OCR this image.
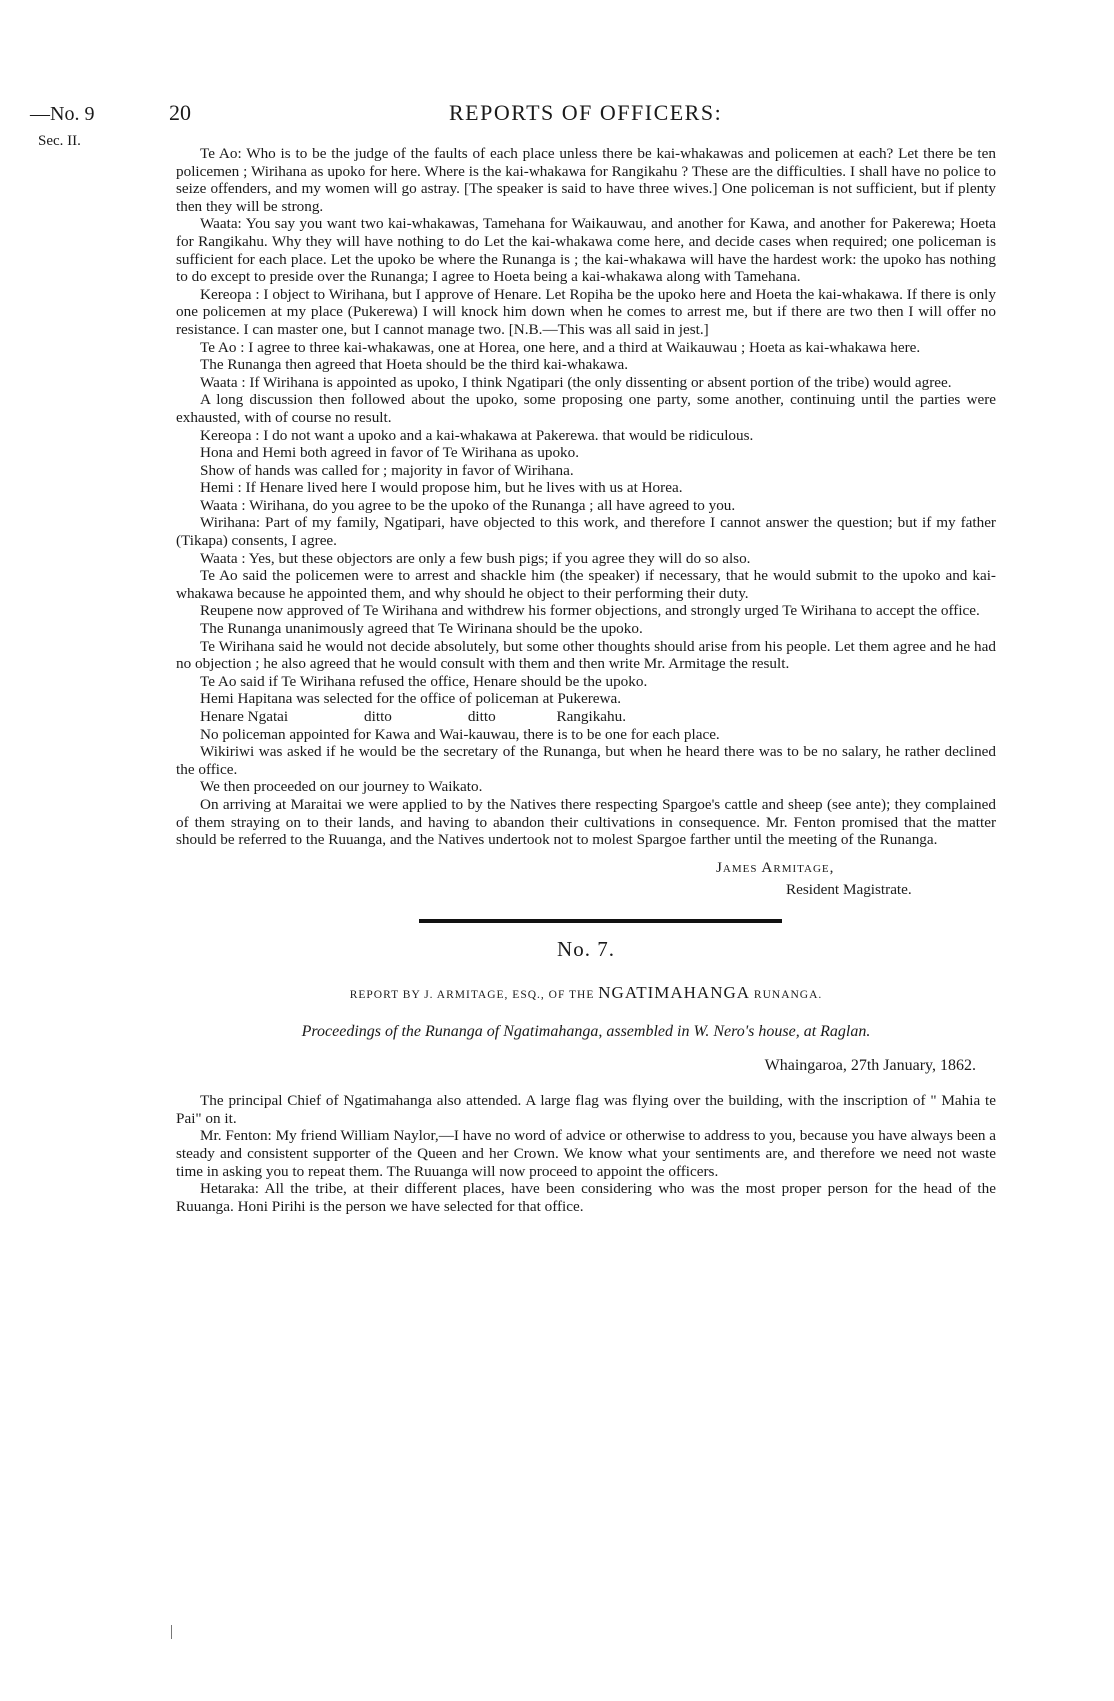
—No. 9
Sec. II.
20	REPORTS OF OFFICERS:

Te Ao: Who is to be the judge of the faults of each place unless there be kai-whakawas and policemen at each? Let there be ten policemen ; Wirihana as upoko for here. Where is the kai-whakawa for Rangikahu ? These are the difficulties. I shall have no police to seize offenders, and my women will go astray. [The speaker is said to have three wives.] One policeman is not sufficient, but if plenty then they will be strong.

Waata: You say you want two kai-whakawas, Tamehana for Waikauwau, and another for Kawa, and another for Pakerewa; Hoeta for Rangikahu. Why they will have nothing to do Let the kai-whakawa come here, and decide cases when required; one policeman is sufficient for each place. Let the upoko be where the Runanga is ; the kai-whakawa will have the hardest work: the upoko has nothing to do except to preside over the Runanga; I agree to Hoeta being a kai-whakawa along with Tamehana.

Kereopa : I object to Wirihana, but I approve of Henare. Let Ropiha be the upoko here and Hoeta the kai-whakawa. If there is only one policemen at my place (Pukerewa) I will knock him down when he comes to arrest me, but if there are two then I will offer no resistance. I can master one, but I cannot manage two. [N.B.—This was all said in jest.]

Te Ao : I agree to three kai-whakawas, one at Horea, one here, and a third at Waikauwau ; Hoeta as kai-whakawa here.

The Runanga then agreed that Hoeta should be the third kai-whakawa.

Waata : If Wirihana is appointed as upoko, I think Ngatipari (the only dissenting or absent portion of the tribe) would agree.

A long discussion then followed about the upoko, some proposing one party, some another, continuing until the parties were exhausted, with of course no result.

Kereopa : I do not want a upoko and a kai-whakawa at Pakerewa. that would be ridiculous.

Hona and Hemi both agreed in favor of Te Wirihana as upoko.

Show of hands was called for ; majority in favor of Wirihana.

Hemi : If Henare lived here I would propose him, but he lives with us at Horea.

Waata : Wirihana, do you agree to be the upoko of the Runanga ; all have agreed to you.

Wirihana: Part of my family, Ngatipari, have objected to this work, and therefore I cannot answer the question; but if my father (Tikapa) consents, I agree.

Waata : Yes, but these objectors are only a few bush pigs; if you agree they will do so also.

Te Ao said the policemen were to arrest and shackle him (the speaker) if necessary, that he would submit to the upoko and kai-whakawa because he appointed them, and why should he object to their performing their duty.

Reupene now approved of Te Wirihana and withdrew his former objections, and strongly urged Te Wirihana to accept the office.

The Runanga unanimously agreed that Te Wirinana should be the upoko.

Te Wirihana said he would not decide absolutely, but some other thoughts should arise from his people. Let them agree and he had no objection ; he also agreed that he would consult with them and then write Mr. Armitage the result.

Te Ao said if Te Wirihana refused the office, Henare should be the upoko.

Hemi Hapitana was selected for the office of policeman at Pukerewa.

Henare Ngatai                    ditto                    ditto                Rangikahu.

No policeman appointed for Kawa and Wai-kauwau, there is to be one for each place.

Wikiriwi was asked if he would be the secretary of the Runanga, but when he heard there was to be no salary, he rather declined the office.

We then proceeded on our journey to Waikato.

On arriving at Maraitai we were applied to by the Natives there respecting Spargoe's cattle and sheep (see ante); they complained of them straying on to their lands, and having to abandon their cultivations in consequence. Mr. Fenton promised that the matter should be referred to the Ruuanga, and the Natives undertook not to molest Spargoe farther until the meeting of the Runanga.

James Armitage,
Resident Magistrate.
No. 7.
REPORT BY J. ARMITAGE, ESQ., OF THE NGATIMAHANGA RUNANGA.
Proceedings of the Runanga of Ngatimahanga, assembled in W. Nero's house, at Raglan.
Whaingaroa, 27th January, 1862.

The principal Chief of Ngatimahanga also attended. A large flag was flying over the building, with the inscription of " Mahia te Pai" on it.

Mr. Fenton: My friend William Naylor,—I have no word of advice or otherwise to address to you, because you have always been a steady and consistent supporter of the Queen and her Crown. We know what your sentiments are, and therefore we need not waste time in asking you to repeat them. The Ruuanga will now proceed to appoint the officers.

Hetaraka: All the tribe, at their different places, have been considering who was the most proper person for the head of the Ruuanga. Honi Pirihi is the person we have selected for that office.
